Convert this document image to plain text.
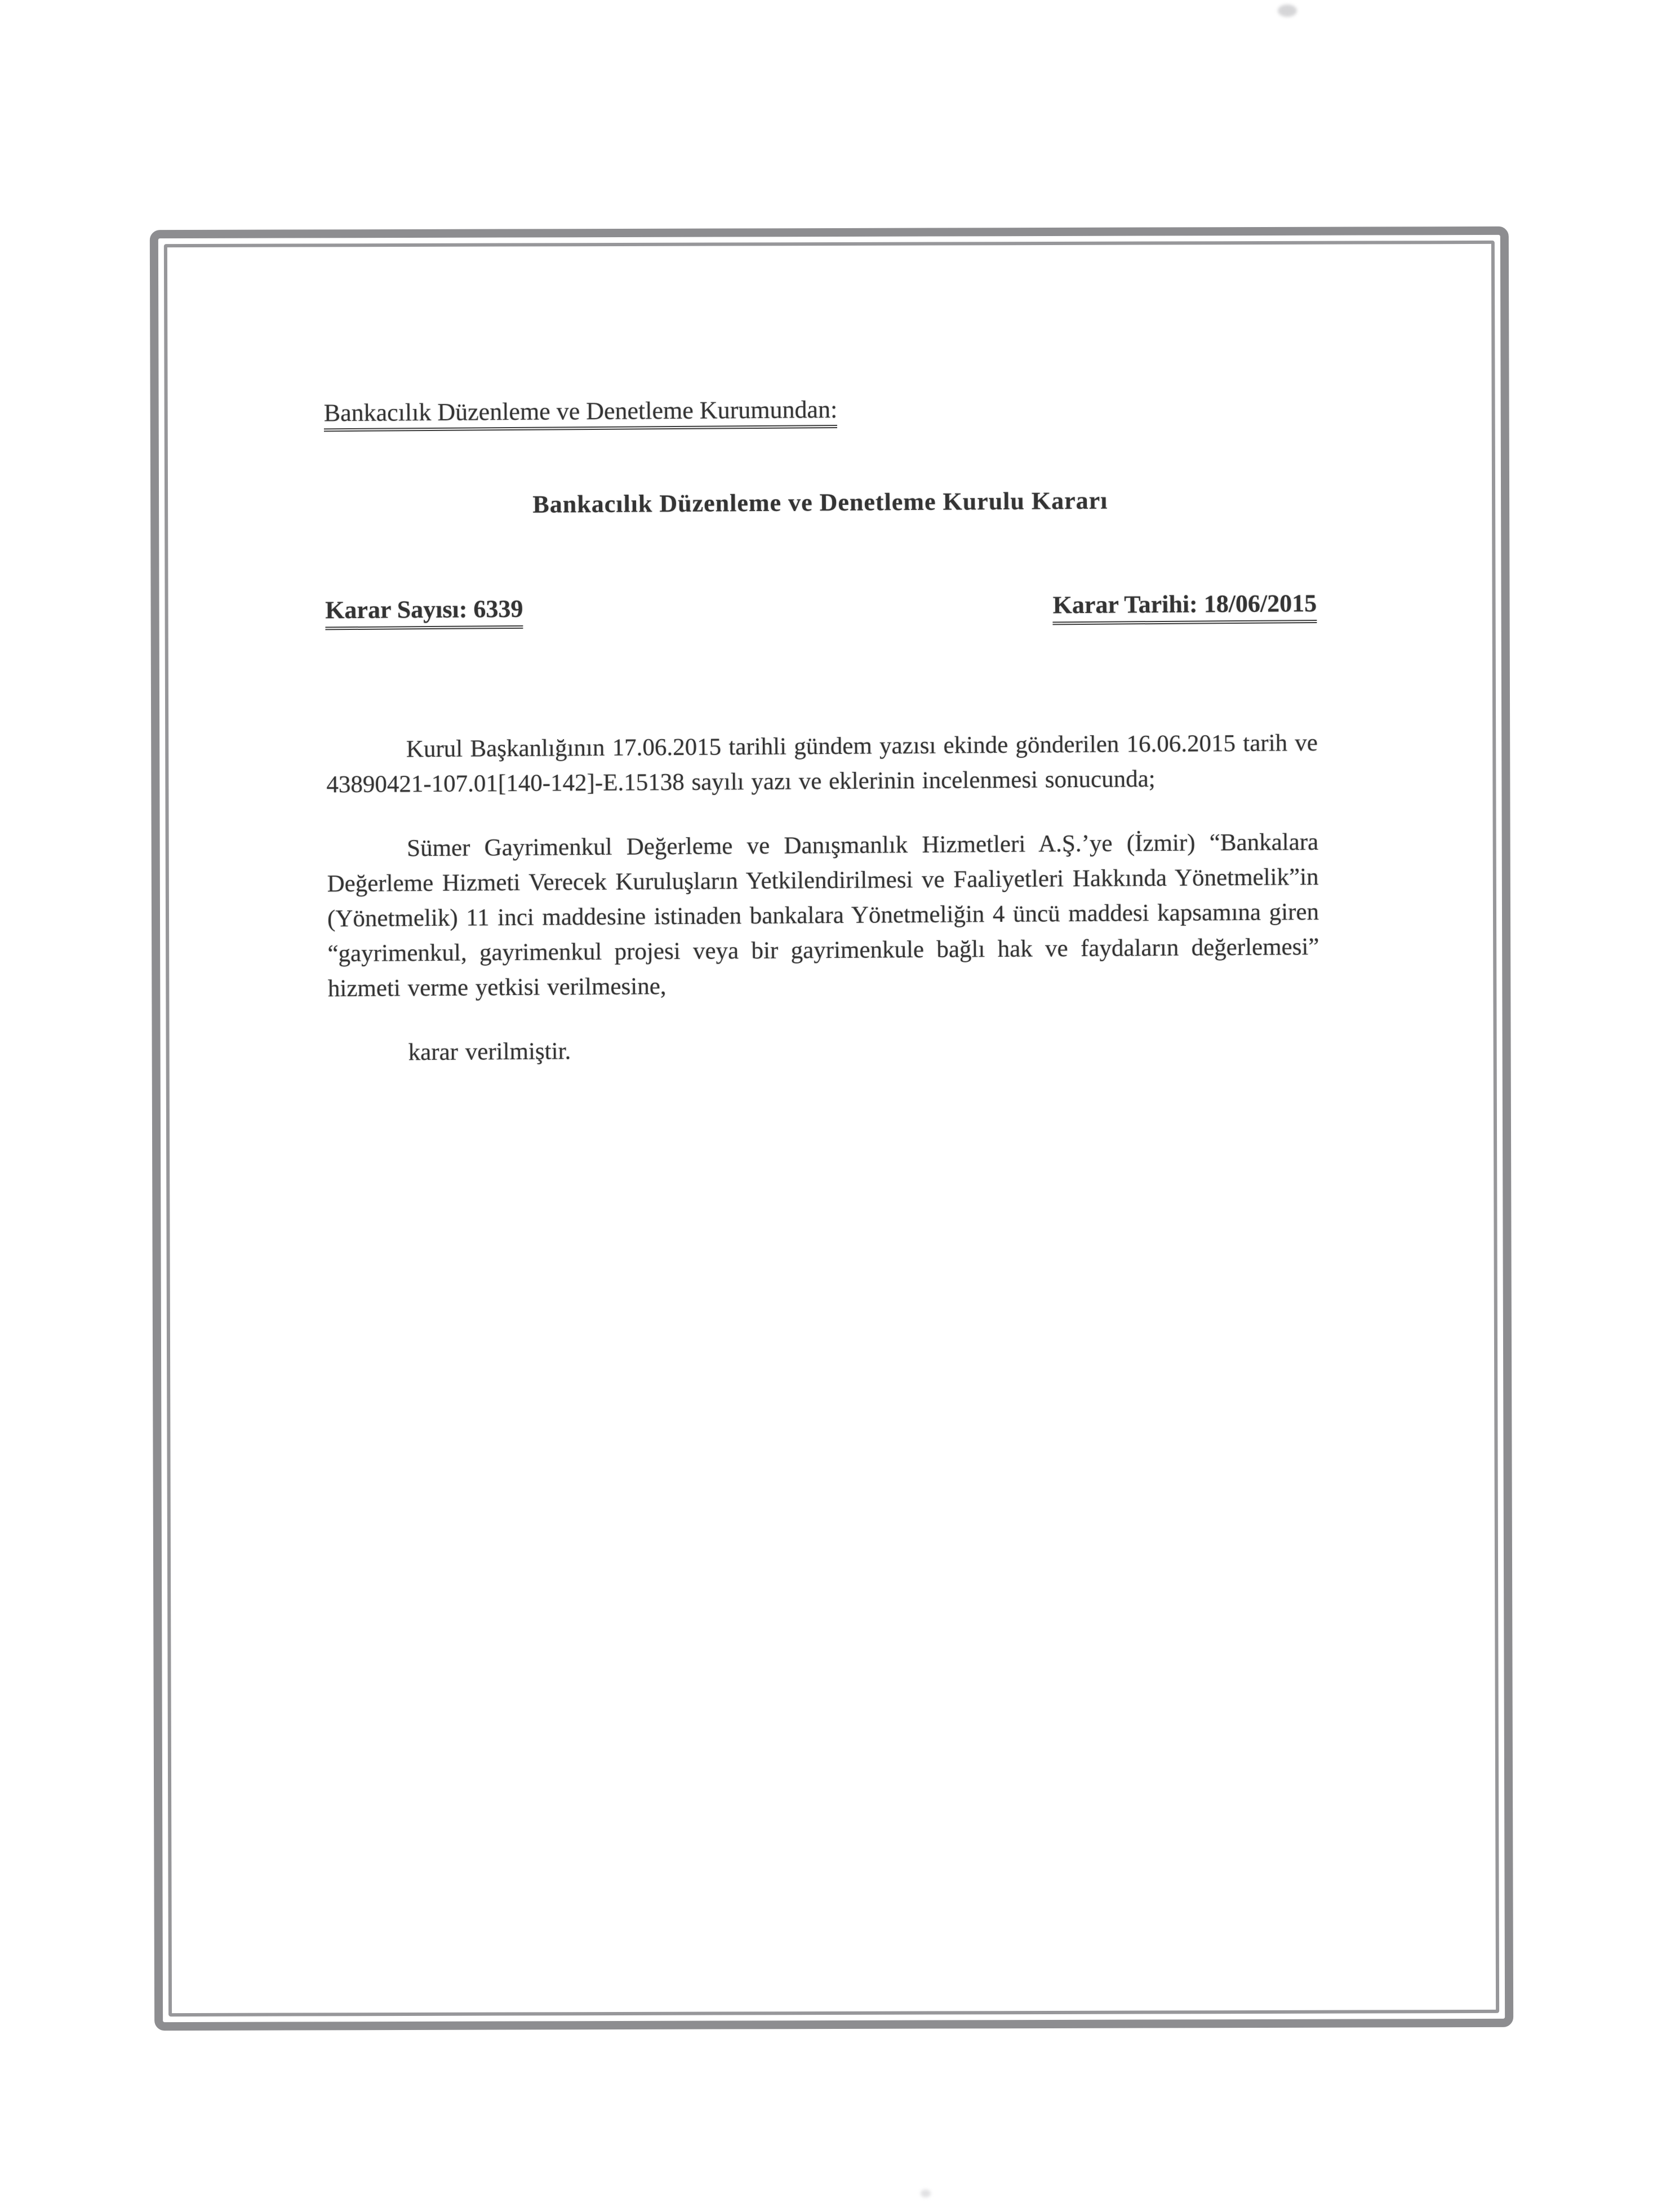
Bankacılık Düzenleme ve Denetleme Kurumundan:
Bankacılık Düzenleme ve Denetleme Kurulu Kararı
Karar Sayısı: 6339	Karar Tarihi: 18/06/2015

Kurul Başkanlığının 17.06.2015 tarihli gündem yazısı ekinde gönderilen 16.06.2015 tarih ve 43890421-107.01[140-142]-E.15138 sayılı yazı ve eklerinin incelenmesi sonucunda;

Sümer Gayrimenkul Değerleme ve Danışmanlık Hizmetleri A.Ş.’ye (İzmir) “Bankalara Değerleme Hizmeti Verecek Kuruluşların Yetkilendirilmesi ve Faaliyetleri Hakkında Yönetmelik”in (Yönetmelik) 11 inci maddesine istinaden bankalara Yönetmeliğin 4 üncü maddesi kapsamına giren “gayrimenkul, gayrimenkul projesi veya bir gayrimenkule bağlı hak ve faydaların değerlemesi” hizmeti verme yetkisi verilmesine,

karar verilmiştir.
